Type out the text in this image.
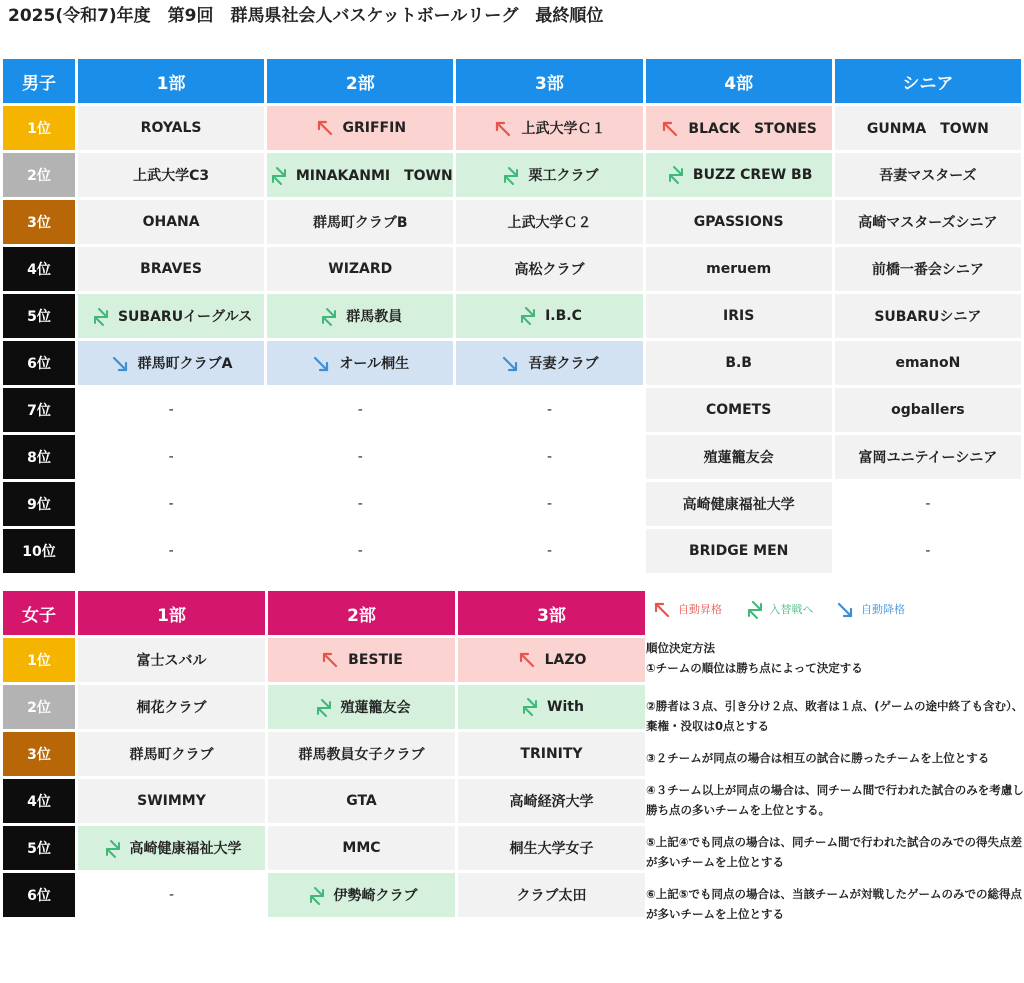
2025(令和7)年度　第9回　群馬県社会人バスケットボールリーグ　最終順位
男子	1部	2部	3部	4部	シニア
1位	ROYALS	GRIFFIN	上武大学Ｃ１	BLACK　STONES	GUNMA　TOWN
2位	上武大学C3	MINAKANMI　TOWN	栗工クラブ	BUZZ CREW BB	吾妻マスターズ
3位	OHANA	群馬町クラブB	上武大学Ｃ２	GPASSIONS	高崎マスターズシニア
4位	BRAVES	WIZARD	高松クラブ	meruem	前橋一番会シニア
5位	SUBARUイーグルス	群馬教員	I.B.C	IRIS	SUBARUシニア
6位	群馬町クラブA	オール桐生	吾妻クラブ	B.B	emanoN
7位	-	-	-	COMETS	ogballers
8位	-	-	-	殖蓮籠友会	富岡ユニテイーシニア
9位	-	-	-	高崎健康福祉大学	-
10位	-	-	-	BRIDGE MEN	-
女子	1部	2部	3部
1位	富士スバル	BESTIE	LAZO
2位	桐花クラブ	殖蓮籠友会	With
3位	群馬町クラブ	群馬教員女子クラブ	TRINITY
4位	SWIMMY	GTA	高崎経済大学
5位	高崎健康福祉大学	MMC	桐生大学女子
6位	-	伊勢崎クラブ	クラブ太田
自動昇格	入替戦へ	自動降格

順位決定方法

①チームの順位は勝ち点によって決定する

②勝者は３点、引き分け２点、敗者は１点、(ゲームの途中終了も含む）、棄権・没収は0点とする

③２チームが同点の場合は相互の試合に勝ったチームを上位とする

④３チーム以上が同点の場合は、同チーム間で行われた試合のみを考慮し勝ち点の多いチームを上位とする。

⑤上記④でも同点の場合は、同チーム間で行われた試合のみでの得失点差が多いチームを上位とする

⑥上記⑤でも同点の場合は、当該チームが対戦したゲームのみでの総得点が多いチームを上位とする
